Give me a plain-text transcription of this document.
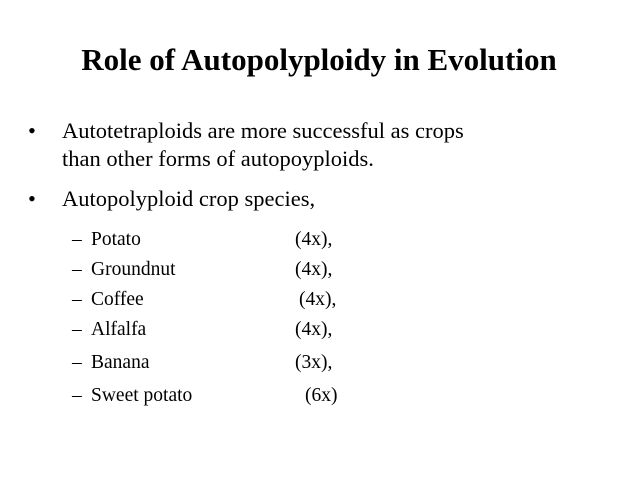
Role of Autopolyploidy in Evolution
•	Autotetraploids are more successful as crops
than other forms of autopoyploids.
•	Autopolyploid crop species,
– Potato	(4x),
– Groundnut	(4x),
– Coffee	(4x),
– Alfalfa	(4x),
– Banana	(3x),
– Sweet potato	(6x)
